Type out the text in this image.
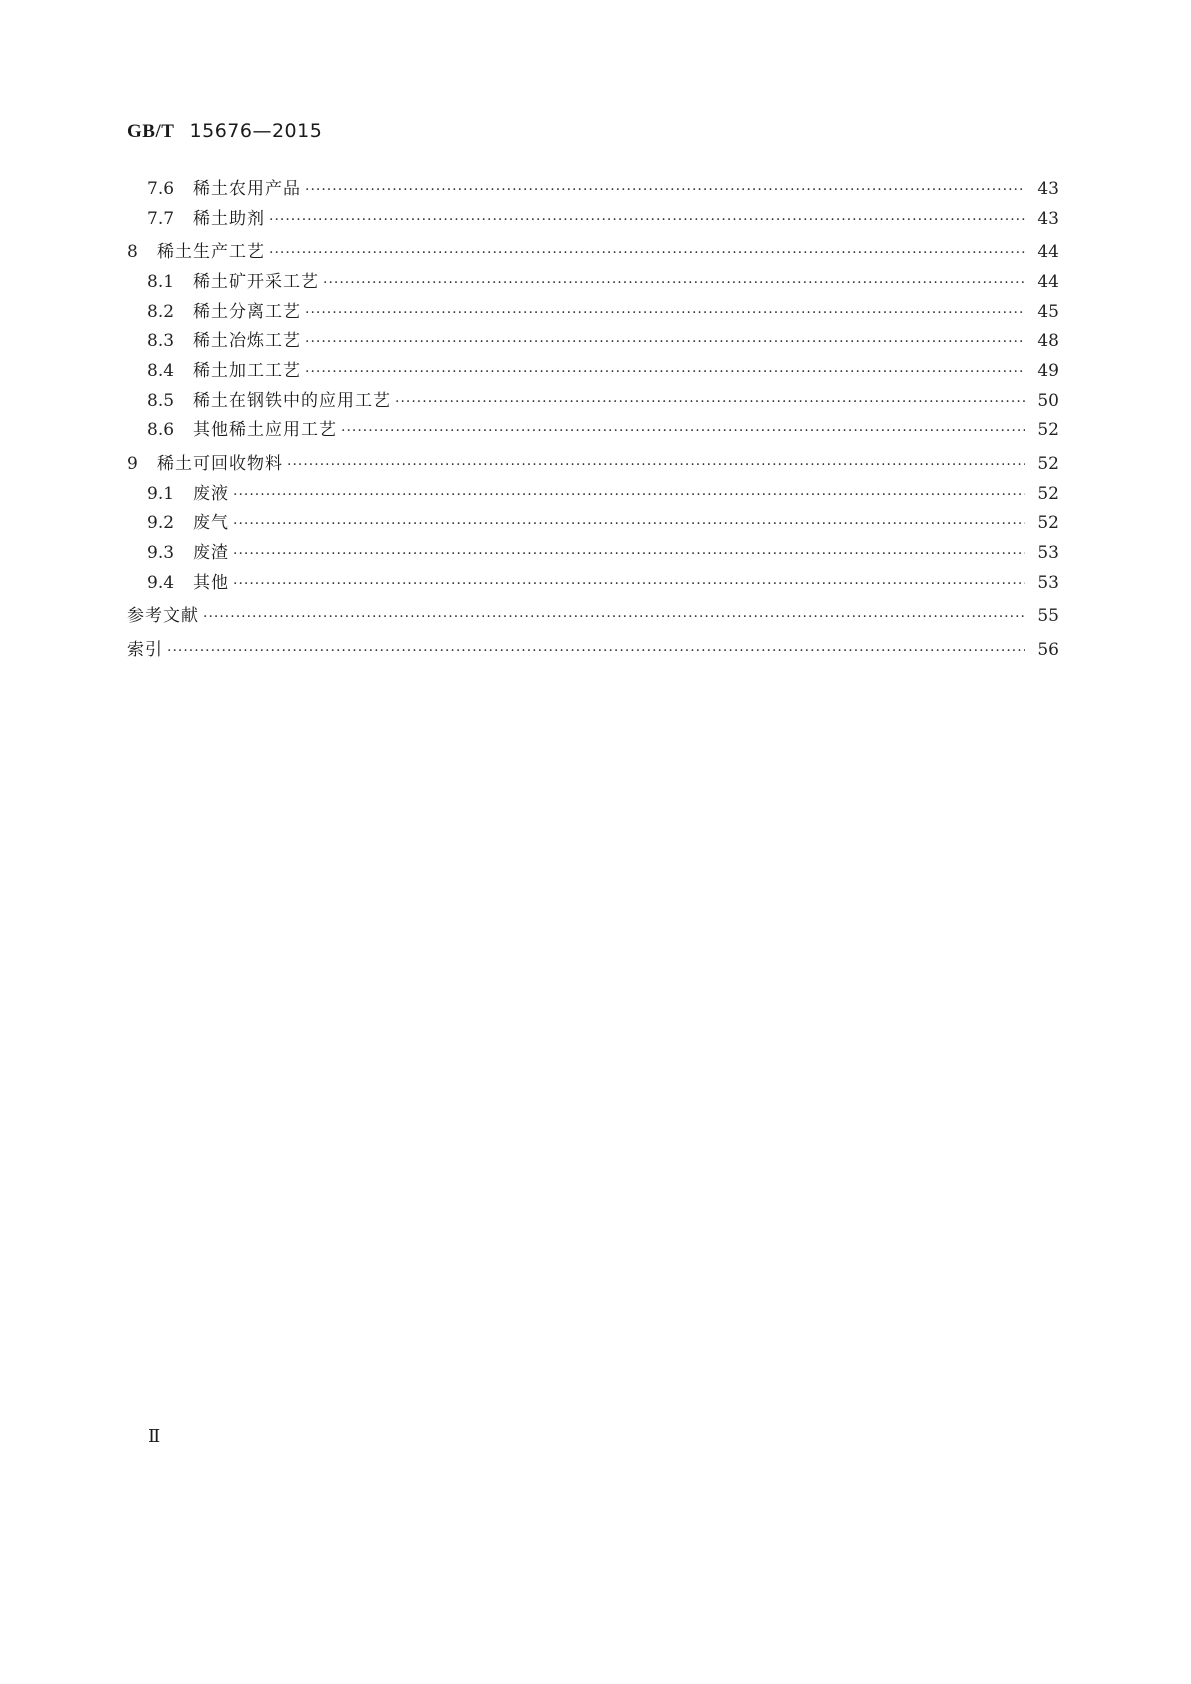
GB/T 15676—2015
7.6	稀土农用产品 ·····	43
7.7	稀土助剂 ·····	43
8	稀土生产工艺 ·····	44
8.1	稀土矿开采工艺 ·····	44
8.2	稀土分离工艺 ·····	45
8.3	稀土冶炼工艺 ·····	48
8.4	稀土加工工艺 ·····	49
8.5	稀土在钢铁中的应用工艺 ·····	50
8.6	其他稀土应用工艺 ·····	52
9	稀土可回收物料 ·····	52
9.1	废液 ·····	52
9.2	废气 ·····	52
9.3	废渣 ·····	53
9.4	其他 ·····	53
参考文献 ·····	55
索引 ·····	56
Ⅱ
